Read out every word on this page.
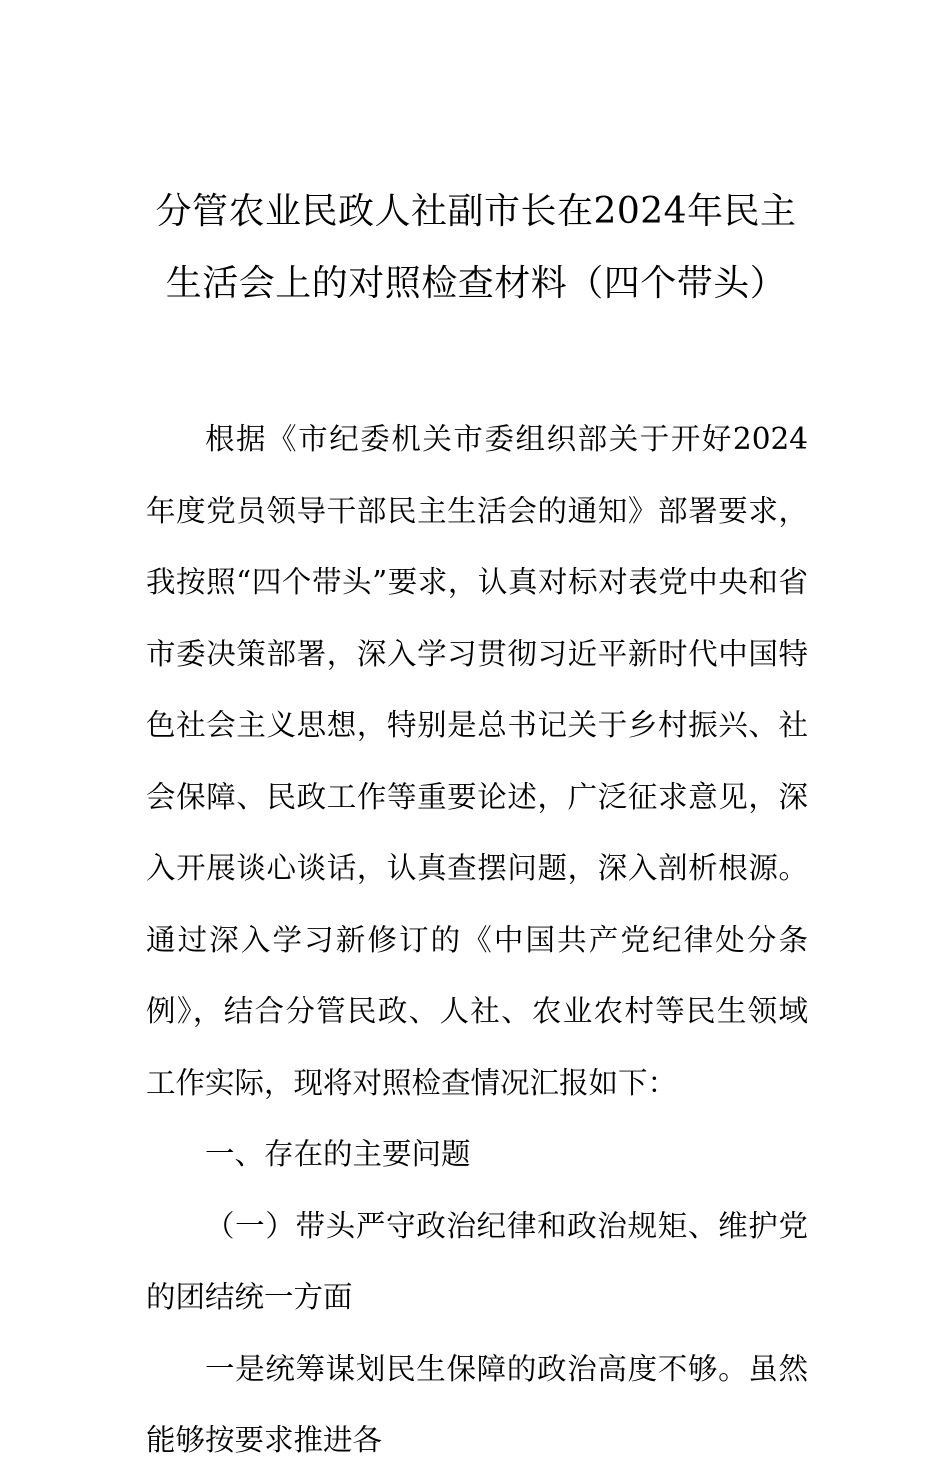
分管农业民政人社副市长在2024年民主生活会上的对照检查材料（四个带头）

根据《市纪委机关市委组织部关于开好2024年度党员领导干部民主生活会的通知》部署要求，我按照“四个带头”要求，认真对标对表党中央和省市委决策部署，深入学习贯彻习近平新时代中国特色社会主义思想，特别是总书记关于乡村振兴、社会保障、民政工作等重要论述，广泛征求意见，深入开展谈心谈话，认真查摆问题，深入剖析根源。通过深入学习新修订的《中国共产党纪律处分条例》，结合分管民政、人社、农业农村等民生领域工作实际，现将对照检查情况汇报如下：

一、存在的主要问题

（一）带头严守政治纪律和政治规矩、维护党的团结统一方面

一是统筹谋划民生保障的政治高度不够。虽然能够按要求推进各
